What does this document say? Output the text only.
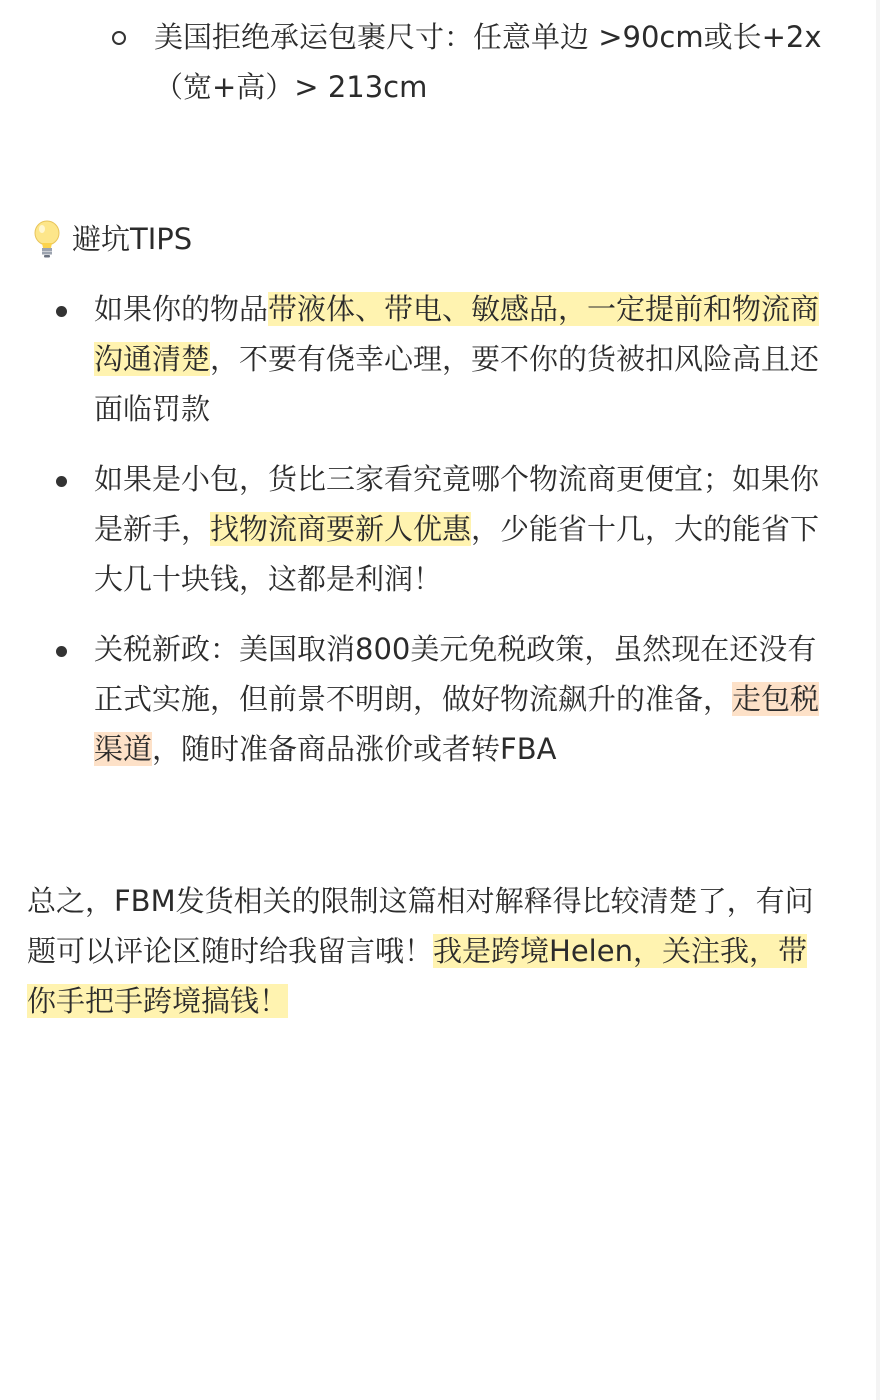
美国拒绝承运包裹尺寸：任意单边 >90cm或长+2x（宽+高）> 213cm
避坑TIPS
如果你的物品带液体、带电、敏感品，一定提前和物流商沟通清楚，不要有侥幸心理，要不你的货被扣风险高且还面临罚款
如果是小包，货比三家看究竟哪个物流商更便宜；如果你是新手，找物流商要新人优惠，少能省十几，大的能省下大几十块钱，这都是利润！
关税新政：美国取消800美元免税政策，虽然现在还没有正式实施，但前景不明朗，做好物流飙升的准备，走包税渠道，随时准备商品涨价或者转FBA
总之，FBM发货相关的限制这篇相对解释得比较清楚了，有问题可以评论区随时给我留言哦！我是跨境Helen，关注我，带你手把手跨境搞钱！
